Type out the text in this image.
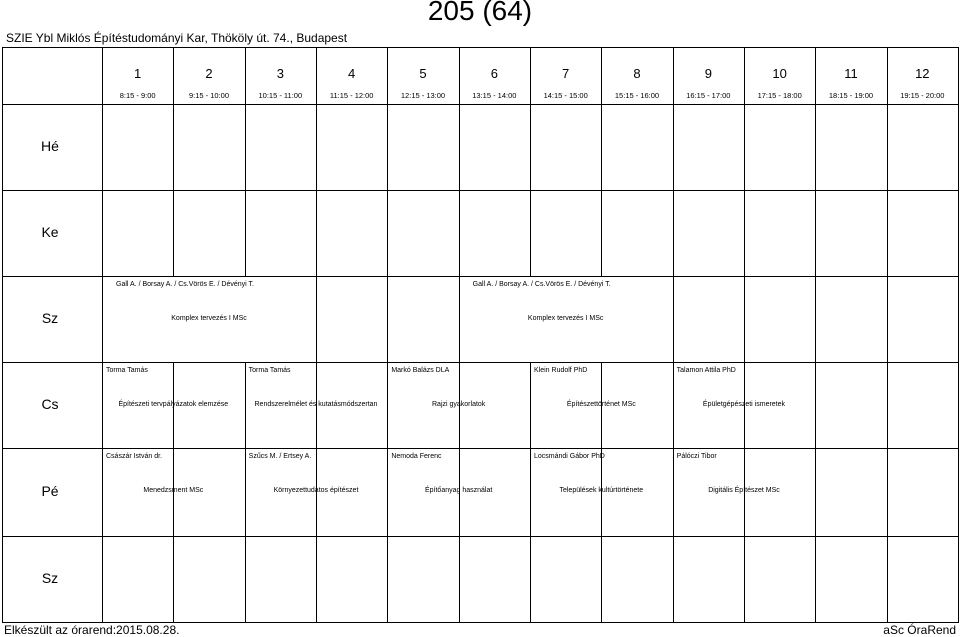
205 (64)
SZIE Ybl Miklós Építéstudományi Kar, Thököly út. 74., Budapest
1
8:15 - 9:00
2
9:15 - 10:00
3
10:15 - 11:00
4
11:15 - 12:00
5
12:15 - 13:00
6
13:15 - 14:00
7
14:15 - 15:00
8
15:15 - 16:00
9
16:15 - 17:00
10
17:15 - 18:00
11
18:15 - 19:00
12
19:15 - 20:00
Hé
Ke
Sz
Cs
Pé
Sz
Gall A. / Borsay A. / Cs.Vörös E. / Dévényi T.
Komplex tervezés I MSc
Gall A. / Borsay A. / Cs.Vörös E. / Dévényi T.
Komplex tervezés I MSc
Torma Tamás
Építészeti tervpályázatok elemzése
Torma Tamás
Rendszerelmélet és kutatásmódszertan
Markó Balázs DLA
Rajzi gyakorlatok
Klein Rudolf PhD
Építészettörténet MSc
Talamon Attila PhD
Épületgépészeti ismeretek
Császár István dr.
Menedzsment MSc
Szűcs M. / Ertsey A.
Környezettudatos építészet
Nemoda Ferenc
Építőanyag használat
Locsmándi Gábor PhD
Települések kultúrtörténete
Pálóczi Tibor
Digitális Építészet MSc
Elkészült az órarend:2015.08.28.	aSc ÓraRend
